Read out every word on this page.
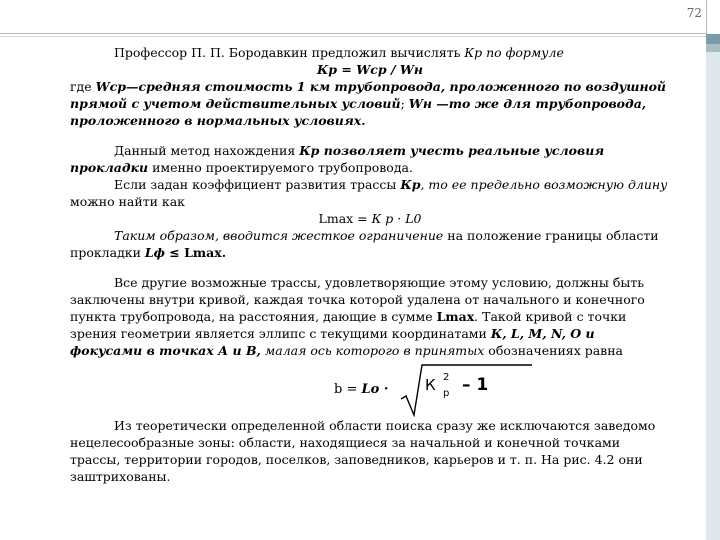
72

Профессор П. П. Бородавкин предложил вычислять Кр по формуле

Кр = Wср / Wн

где Wср—средняя стоимость 1 км трубопровода, проложенного по воздушной прямой с учетом действительных условий; Wн —то же для трубопровода, проложенного в нормальных условиях.

Данный метод нахождения Кр позволяет учесть реальные условия прокладки именно проектируемого трубопровода.

Если задан коэффициент развития трассы Кр, то ее предельно возможную длину можно найти как

Lmax = К р · L0

Таким образом, вводится жесткое ограничение на положение границы области прокладки Lф ≤ Lmax.

Все другие возможные трассы, удовлетворяющие этому условию, должны быть заключены внутри кривой, каждая точка которой удалена от начального и конечного пункта трубопровода, на расстояния, дающие в сумме Lmax. Такой кривой с точки зрения геометрии является эллипс с текущими координатами К, L, М, N, О и фокусами в точках А и В, малая ось которого в принятых обозначениях равна

b = Lo · К 2
р – 1

Из теоретически определенной области поиска сразу же исключаются заведомо нецелесообразные зоны: области, находящиеся за начальной и конечной точками трассы, территории городов, поселков, заповедников, карьеров и т. п. На рис. 4.2 они заштрихованы.
